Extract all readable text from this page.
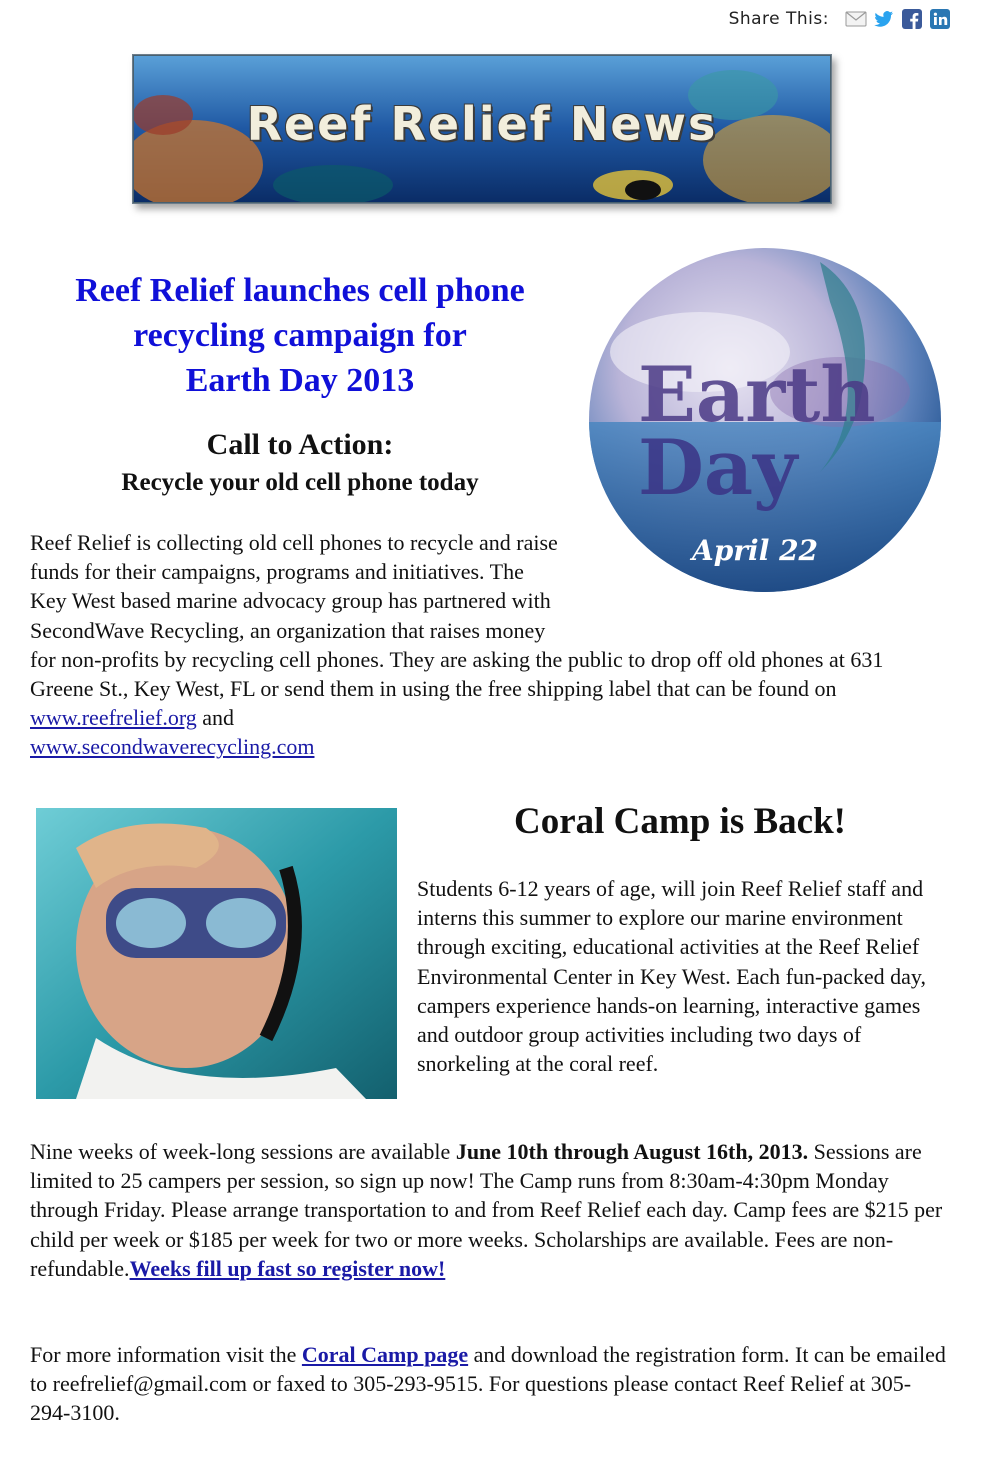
Share This:
Reef Relief News
Reef Relief launches cell phone
recycling campaign for
Earth Day 2013
Call to Action:
Recycle your old cell phone today
Earth
Day
April 22
Reef Relief is collecting old cell phones to recycle and raise funds for their campaigns, programs and initiatives. The Key West based marine advocacy group has partnered with SecondWave Recycling, an organization that raises money for non-profits by recycling cell phones. They are asking the public to drop off old phones at 631 Greene St., Key West, FL or send them in using the free shipping label that can be found on www.reefrelief.org and
www.secondwaverecycling.com
Coral Camp is Back!
Students 6-12 years of age, will join Reef Relief staff and interns this summer to explore our marine environment through exciting, educational activities at the Reef Relief Environmental Center in Key West. Each fun-packed day, campers experience hands-on learning, interactive games and outdoor group activities including two days of snorkeling at the coral reef.
Nine weeks of week-long sessions are available June 10th through August 16th, 2013. Sessions are limited to 25 campers per session, so sign up now! The Camp runs from 8:30am-4:30pm Monday through Friday. Please arrange transportation to and from Reef Relief each day. Camp fees are $215 per child per week or $185 per week for two or more weeks. Scholarships are available. Fees are non-refundable.Weeks fill up fast so register now!
For more information visit the Coral Camp page and download the registration form. It can be emailed to reefrelief@gmail.com or faxed to 305-293-9515. For questions please contact Reef Relief at 305-294-3100.
